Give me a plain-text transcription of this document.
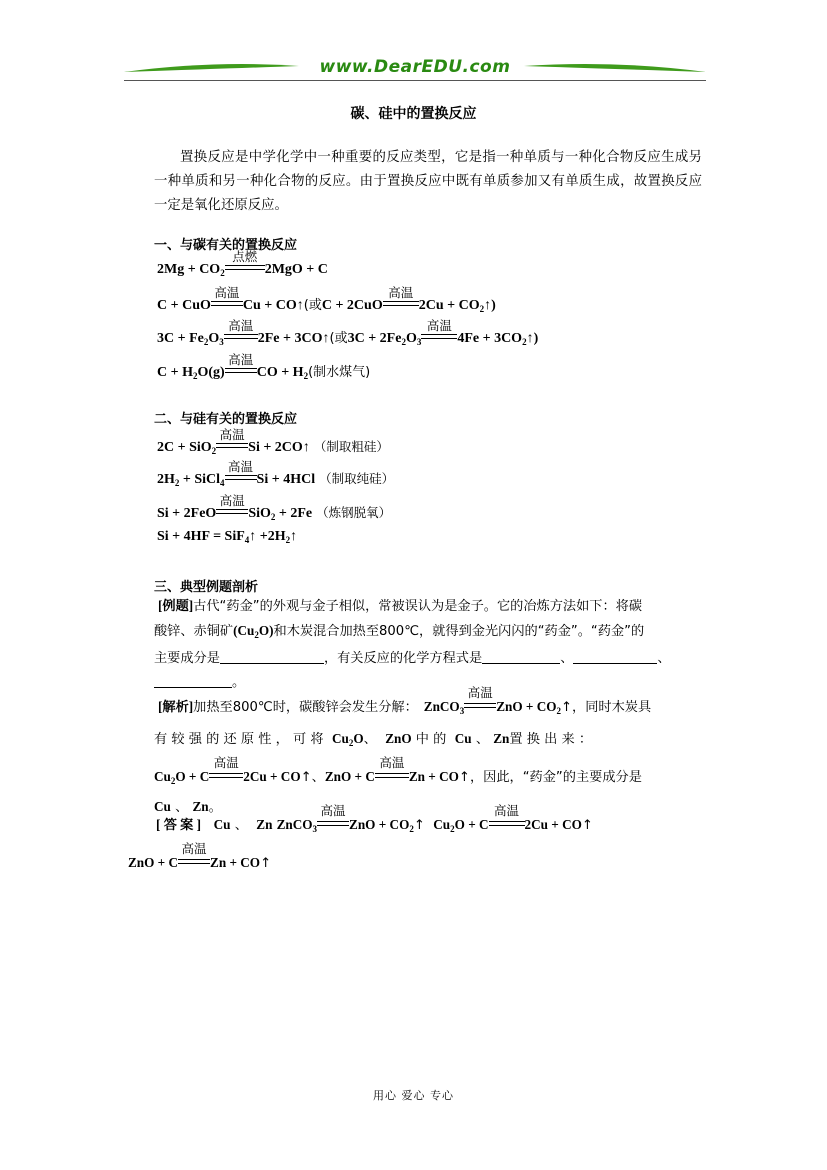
www.DearEDU.com
碳、硅中的置换反应
置换反应是中学化学中一种重要的反应类型，它是指一种单质与一种化合物反应生成另一种单质和另一种化合物的反应。由于置换反应中既有单质参加又有单质生成，故置换反应一定是氧化还原反应。
一、与碳有关的置换反应
$2Mg + CO_2$
点燃
2MgO + C
C + CuO
高温
Cu + CO↑(或C + 2CuO
高温
$2Cu + CO_2↑$)
$3C + Fe_2O_3$
高温
2Fe + 3CO↑(或$3C + 2Fe_2O_3$
高温
$4Fe + 3CO_2↑$)
$C + H_2O(g)$
高温
CO + $H_2$(制水煤气)
二、与硅有关的置换反应
2C + SiO$_2$
高温
Si + 2CO↑ （制取粗硅）
$2H_2$ + SiCl$_4$
高温
Si + 4HCl （制取纯硅）
Si + 2FeO
高温
SiO$_2$ + 2Fe （炼钢脱氧）
Si + 4HF = SiF$_4$↑ $+2H_2↑$
三、典型例题剖析
[例题]古代“药金”的外观与金子相似，常被误认为是金子。它的冶炼方法如下：将碳
酸锌、赤铜矿$(Cu_2O)$和木炭混合加热至800℃，就得到金光闪闪的“药金”。“药金”的
主要成分是	，有关反应的化学方程式是	、	、
。
[解析]加热至800℃时，碳酸锌会发生分解： ZnCO$_3$
高温
ZnO + $CO_2↑$，同时木炭具
有 较 强 的 还 原 性 ， 可 将 $Cu_2O$、 ZnO 中 的 Cu 、 Zn置 换 出 来 ：
$Cu_2O + C$
高温
2Cu + CO↑、ZnO + C
高温
Zn + CO↑，因此，“药金”的主要成分是
Cu 、 Zn。
[ 答 案 ] Cu 、 Zn ZnCO$_3$
高温
ZnO + $CO_2↑$ $Cu_2O + C$
高温
2Cu + CO↑
ZnO + C
高温
Zn + CO↑
用心 爱心 专心
